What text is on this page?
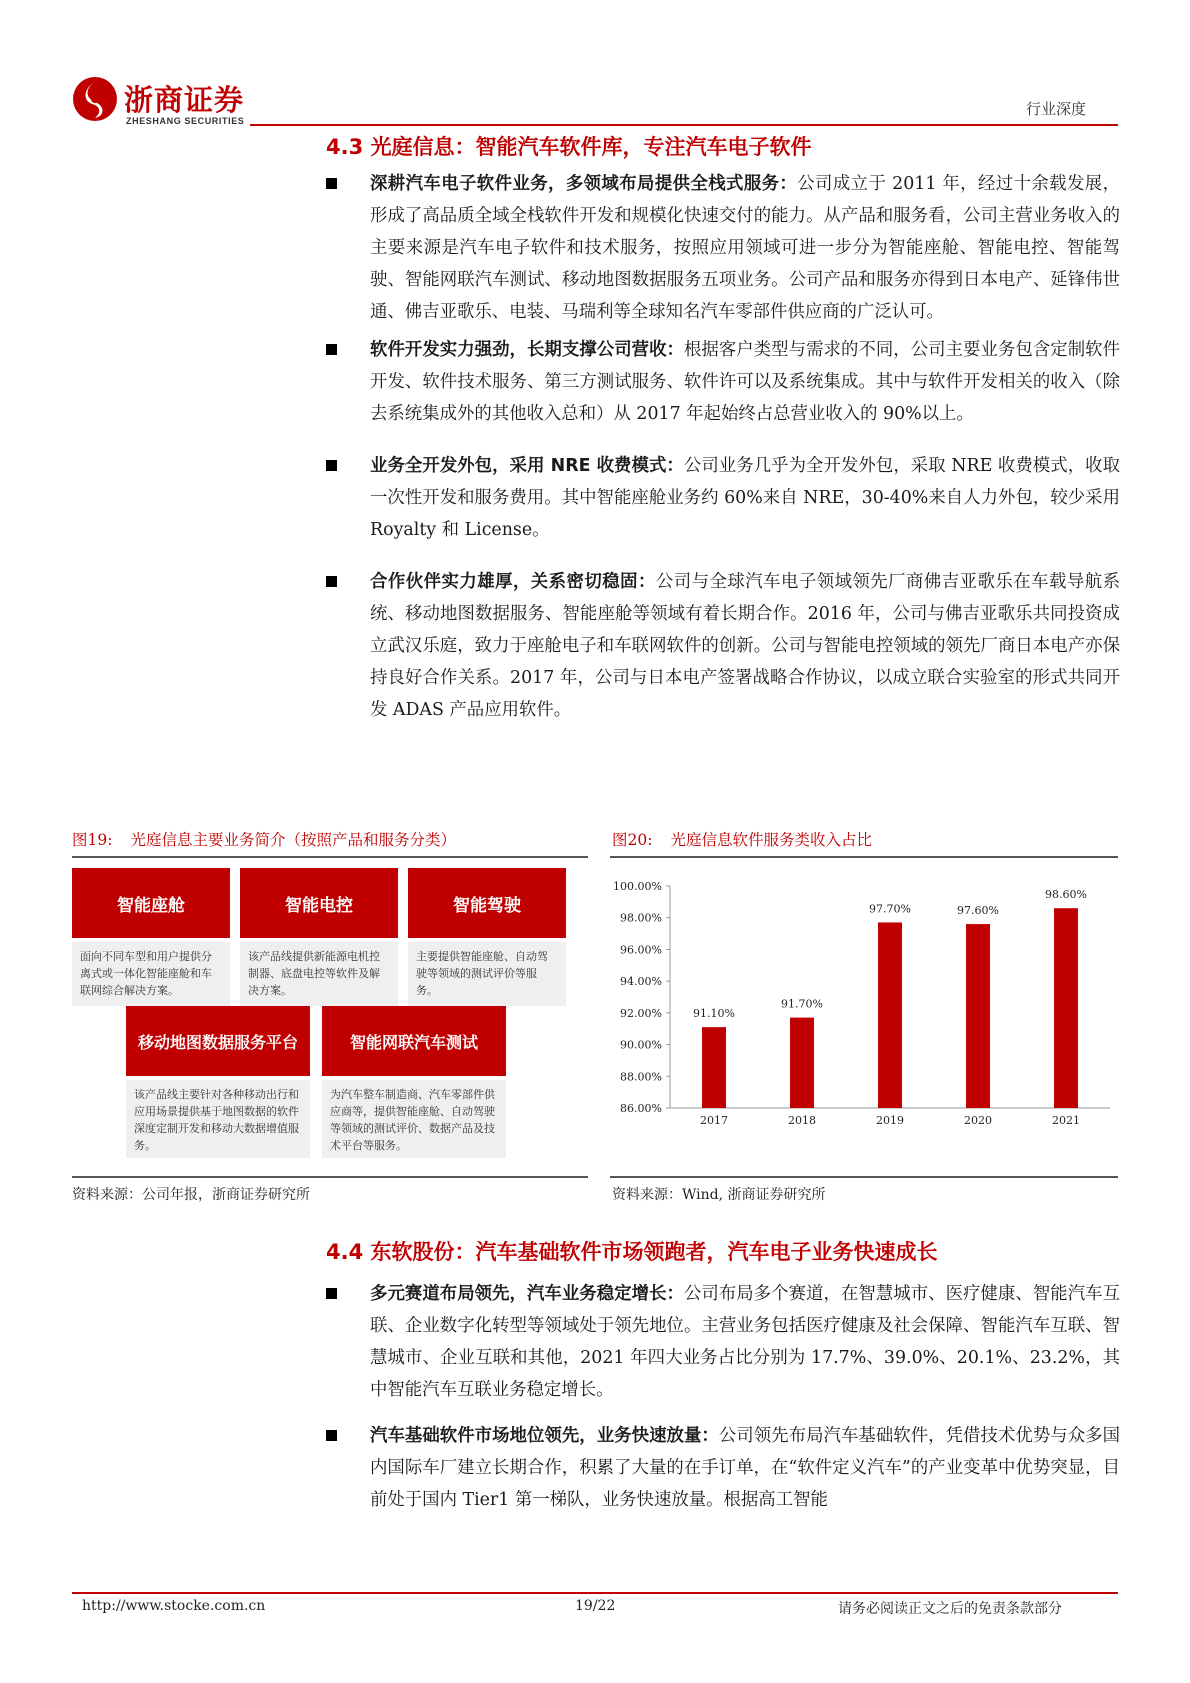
浙商证券
ZHESHANG SECURITIES
行业深度
4.3 光庭信息：智能汽车软件库，专注汽车电子软件
深耕汽车电子软件业务，多领域布局提供全栈式服务：公司成立于 2011 年，经过十余载发展，形成了高品质全域全栈软件开发和规模化快速交付的能力。从产品和服务看，公司主营业务收入的主要来源是汽车电子软件和技术服务，按照应用领域可进一步分为智能座舱、智能电控、智能驾驶、智能网联汽车测试、移动地图数据服务五项业务。公司产品和服务亦得到日本电产、延锋伟世通、佛吉亚歌乐、电装、马瑞利等全球知名汽车零部件供应商的广泛认可。
软件开发实力强劲，长期支撑公司营收：根据客户类型与需求的不同，公司主要业务包含定制软件开发、软件技术服务、第三方测试服务、软件许可以及系统集成。其中与软件开发相关的收入（除去系统集成外的其他收入总和）从 2017 年起始终占总营业收入的 90%以上。
业务全开发外包，采用 NRE 收费模式：公司业务几乎为全开发外包，采取 NRE 收费模式，收取一次性开发和服务费用。其中智能座舱业务约 60%来自 NRE，30-40%来自人力外包，较少采用 Royalty 和 License。
合作伙伴实力雄厚，关系密切稳固：公司与全球汽车电子领域领先厂商佛吉亚歌乐在车载导航系统、移动地图数据服务、智能座舱等领域有着长期合作。2016 年，公司与佛吉亚歌乐共同投资成立武汉乐庭，致力于座舱电子和车联网软件的创新。公司与智能电控领域的领先厂商日本电产亦保持良好合作关系。2017 年，公司与日本电产签署战略合作协议，以成立联合实验室的形式共同开发 ADAS 产品应用软件。
图19: 光庭信息主要业务简介（按照产品和服务分类）
智能座舱
面向不同车型和用户提供分离式或一体化智能座舱和车联网综合解决方案。
智能电控
该产品线提供新能源电机控制器、底盘电控等软件及解决方案。
智能驾驶
主要提供智能座舱、自动驾驶等领域的测试评价等服务。
移动地图数据服务平台
该产品线主要针对各种移动出行和应用场景提供基于地图数据的软件深度定制开发和移动大数据增值服务。
智能网联汽车测试
为汽车整车制造商、汽车零部件供应商等，提供智能座舱、自动驾驶等领域的测试评价、数据产品及技术平台等服务。
资料来源：公司年报，浙商证券研究所
图20: 光庭信息软件服务类收入占比
86.00%
88.00%
90.00%
92.00%
94.00%
96.00%
98.00%
100.00%
91.10%
2017
91.70%
2018
97.70%
2019
97.60%
2020
98.60%
2021
资料来源：Wind, 浙商证券研究所
4.4 东软股份：汽车基础软件市场领跑者，汽车电子业务快速成长
多元赛道布局领先，汽车业务稳定增长：公司布局多个赛道，在智慧城市、医疗健康、智能汽车互联、企业数字化转型等领域处于领先地位。主营业务包括医疗健康及社会保障、智能汽车互联、智慧城市、企业互联和其他，2021 年四大业务占比分别为 17.7%、39.0%、20.1%、23.2%，其中智能汽车互联业务稳定增长。
汽车基础软件市场地位领先，业务快速放量：公司领先布局汽车基础软件，凭借技术优势与众多国内国际车厂建立长期合作，积累了大量的在手订单，在“软件定义汽车”的产业变革中优势突显，目前处于国内 Tier1 第一梯队，业务快速放量。根据高工智能
http://www.stocke.com.cn	19/22	请务必阅读正文之后的免责条款部分
